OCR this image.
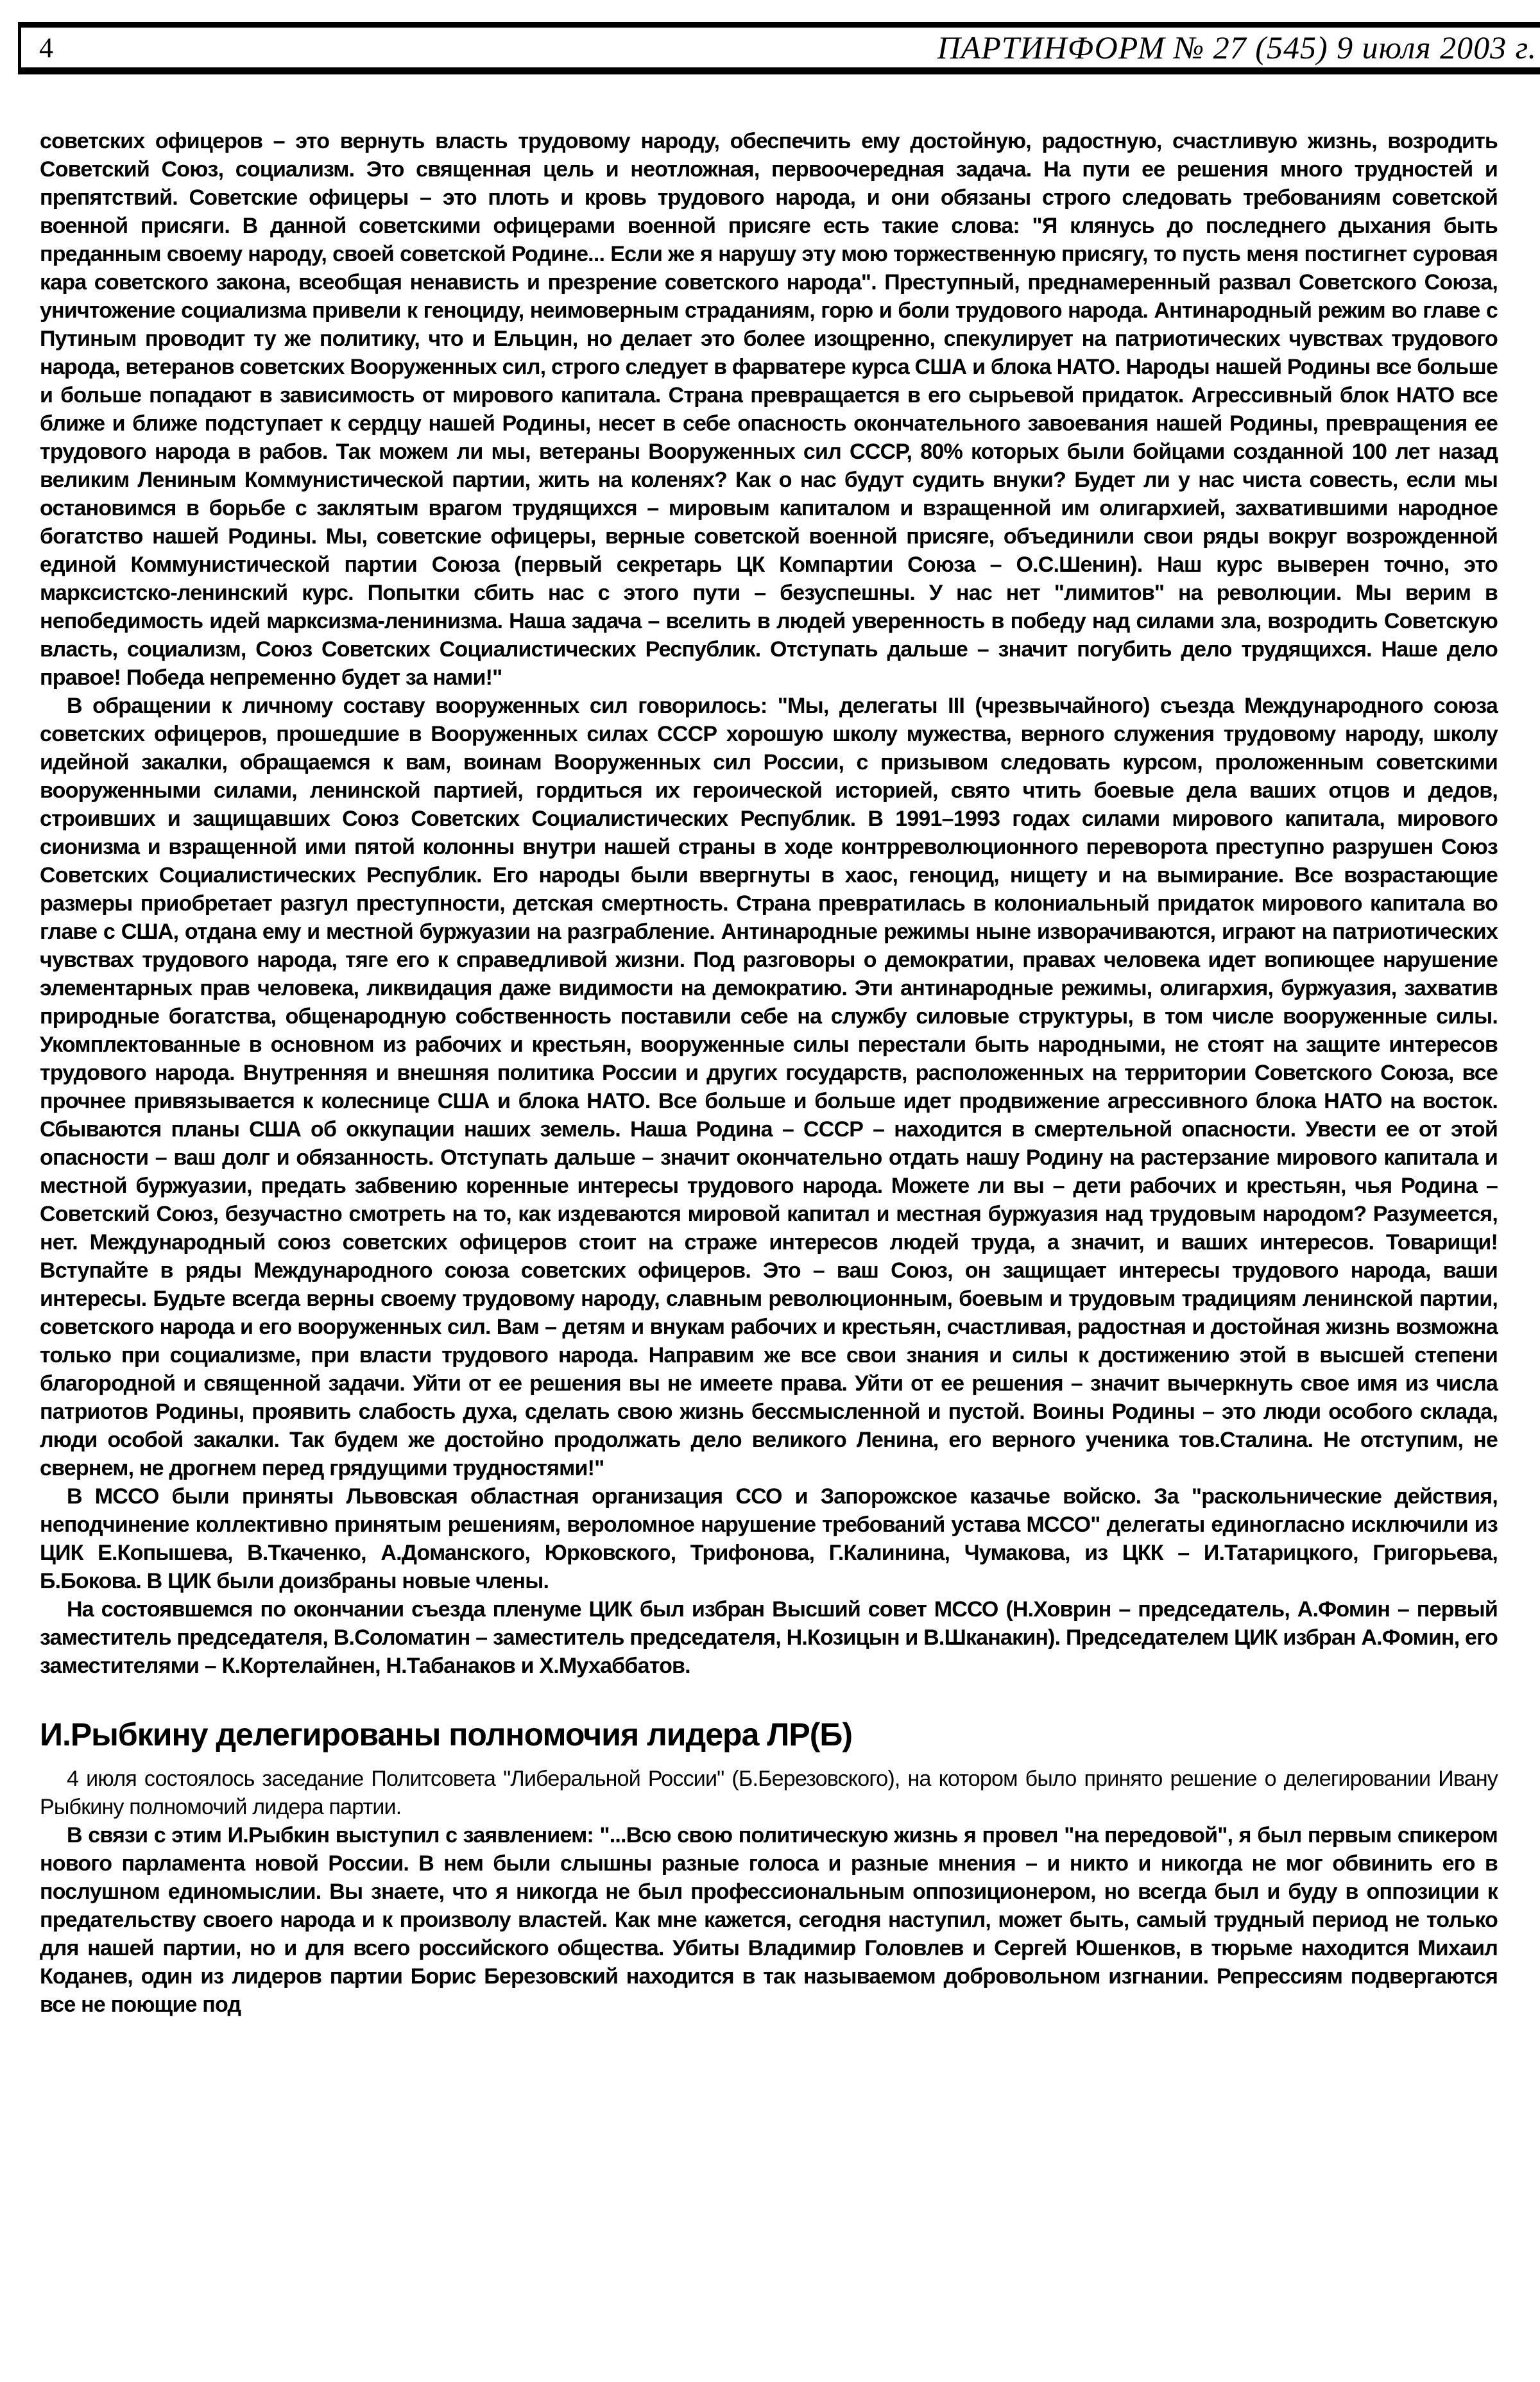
4	ПАРТИНФОРМ № 27 (545) 9 июля 2003 г.

советских офицеров – это вернуть власть трудовому народу, обеспечить ему достойную, радостную, счастливую жизнь, возродить Советский Союз, социализм. Это священная цель и неотложная, первоочередная задача. На пути ее решения много трудностей и препятствий. Советские офицеры – это плоть и кровь трудового народа, и они обязаны строго следовать требованиям советской военной присяги. В данной советскими офицерами военной присяге есть такие слова: "Я клянусь до последнего дыхания быть преданным своему народу, своей советской Родине... Если же я нарушу эту мою торжественную присягу, то пусть меня постигнет суровая кара советского закона, всеобщая ненависть и презрение советского народа". Преступный, преднамеренный развал Советского Союза, уничтожение социализма привели к геноциду, неимоверным страданиям, горю и боли трудового народа. Антинародный режим во главе с Путиным проводит ту же политику, что и Ельцин, но делает это более изощренно, спекулирует на патриотических чувствах трудового народа, ветеранов советских Вооруженных сил, строго следует в фарватере курса США и блока НАТО. Народы нашей Родины все больше и больше попадают в зависимость от мирового капитала. Страна превращается в его сырьевой придаток. Агрессивный блок НАТО все ближе и ближе подступает к сердцу нашей Родины, несет в себе опасность окончательного завоевания нашей Родины, превращения ее трудового народа в рабов. Так можем ли мы, ветераны Вооруженных сил СССР, 80% которых были бойцами созданной 100 лет назад великим Лениным Коммунистической партии, жить на коленях? Как о нас будут судить внуки? Будет ли у нас чиста совесть, если мы остановимся в борьбе с заклятым врагом трудящихся – мировым капиталом и взращенной им олигархией, захватившими народное богатство нашей Родины. Мы, советские офицеры, верные советской военной присяге, объединили свои ряды вокруг возрожденной единой Коммунистической партии Союза (первый секретарь ЦК Компартии Союза – О.С.Шенин). Наш курс выверен точно, это марксистско-ленинский курс. Попытки сбить нас с этого пути – безуспешны. У нас нет "лимитов" на революции. Мы верим в непобедимость идей марксизма-ленинизма. Наша задача – вселить в людей уверенность в победу над силами зла, возродить Советскую власть, социализм, Союз Советских Социалистических Республик. Отступать дальше – значит погубить дело трудящихся. Наше дело правое! Победа непременно будет за нами!"

В обращении к личному составу вооруженных сил говорилось: "Мы, делегаты III (чрезвычайного) съезда Международного союза советских офицеров, прошедшие в Вооруженных силах СССР хорошую школу мужества, верного служения трудовому народу, школу идейной закалки, обращаемся к вам, воинам Вооруженных сил России, с призывом следовать курсом, проложенным советскими вооруженными силами, ленинской партией, гордиться их героической историей, свято чтить боевые дела ваших отцов и дедов, строивших и защищавших Союз Советских Социалистических Республик. В 1991–1993 годах силами мирового капитала, мирового сионизма и взращенной ими пятой колонны внутри нашей страны в ходе контрреволюционного переворота преступно разрушен Союз Советских Социалистических Республик. Его народы были ввергнуты в хаос, геноцид, нищету и на вымирание. Все возрастающие размеры приобретает разгул преступности, детская смертность. Страна превратилась в колониальный придаток мирового капитала во главе с США, отдана ему и местной буржуазии на разграбление. Антинародные режимы ныне изворачиваются, играют на патриотических чувствах трудового народа, тяге его к справедливой жизни. Под разговоры о демократии, правах человека идет вопиющее нарушение элементарных прав человека, ликвидация даже видимости на демократию. Эти антинародные режимы, олигархия, буржуазия, захватив природные богатства, общенародную собственность поставили себе на службу силовые структуры, в том числе вооруженные силы. Укомплектованные в основном из рабочих и крестьян, вооруженные силы перестали быть народными, не стоят на защите интересов трудового народа. Внутренняя и внешняя политика России и других государств, расположенных на территории Советского Союза, все прочнее привязывается к колеснице США и блока НАТО. Все больше и больше идет продвижение агрессивного блока НАТО на восток. Сбываются планы США об оккупации наших земель. Наша Родина – СССР – находится в смертельной опасности. Увести ее от этой опасности – ваш долг и обязанность. Отступать дальше – значит окончательно отдать нашу Родину на растерзание мирового капитала и местной буржуазии, предать забвению коренные интересы трудового народа. Можете ли вы – дети рабочих и крестьян, чья Родина – Советский Союз, безучастно смотреть на то, как издеваются мировой капитал и местная буржуазия над трудовым народом? Разумеется, нет. Международный союз советских офицеров стоит на страже интересов людей труда, а значит, и ваших интересов. Товарищи! Вступайте в ряды Международного союза советских офицеров. Это – ваш Союз, он защищает интересы трудового народа, ваши интересы. Будьте всегда верны своему трудовому народу, славным революционным, боевым и трудовым традициям ленинской партии, советского народа и его вооруженных сил. Вам – детям и внукам рабочих и крестьян, счастливая, радостная и достойная жизнь возможна только при социализме, при власти трудового народа. Направим же все свои знания и силы к достижению этой в высшей степени благородной и священной задачи. Уйти от ее решения вы не имеете права. Уйти от ее решения – значит вычеркнуть свое имя из числа патриотов Родины, проявить слабость духа, сделать свою жизнь бессмысленной и пустой. Воины Родины – это люди особого склада, люди особой закалки. Так будем же достойно продолжать дело великого Ленина, его верного ученика тов.Сталина. Не отступим, не свернем, не дрогнем перед грядущими трудностями!"

В МССО были приняты Львовская областная организация ССО и Запорожское казачье войско. За "раскольнические действия, неподчинение коллективно принятым решениям, вероломное нарушение требований устава МССО" делегаты единогласно исключили из ЦИК Е.Копышева, В.Ткаченко, А.Доманского, Юрковского, Трифонова, Г.Калинина, Чумакова, из ЦКК – И.Татарицкого, Григорьева, Б.Бокова. В ЦИК были доизбраны новые члены.

На состоявшемся по окончании съезда пленуме ЦИК был избран Высший совет МССО (Н.Ховрин – председатель, А.Фомин – первый заместитель председателя, В.Соломатин – заместитель председателя, Н.Козицын и В.Шканакин). Председателем ЦИК избран А.Фомин, его заместителями – К.Кортелайнен, Н.Табанаков и Х.Мухаббатов.

И.Рыбкину делегированы полномочия лидера ЛР(Б)

4 июля состоялось заседание Политсовета "Либеральной России" (Б.Березовского), на котором было принято решение о делегировании Ивану Рыбкину полномочий лидера партии.

В связи с этим И.Рыбкин выступил с заявлением: "...Всю свою политическую жизнь я провел "на передовой", я был первым спикером нового парламента новой России. В нем были слышны разные голоса и разные мнения – и никто и никогда не мог обвинить его в послушном единомыслии. Вы знаете, что я никогда не был профессиональным оппозиционером, но всегда был и буду в оппозиции к предательству своего народа и к произволу властей. Как мне кажется, сегодня наступил, может быть, самый трудный период не только для нашей партии, но и для всего российского общества. Убиты Владимир Головлев и Сергей Юшенков, в тюрьме находится Михаил Коданев, один из лидеров партии Борис Березовский находится в так называемом добровольном изгнании. Репрессиям подвергаются все не поющие под
